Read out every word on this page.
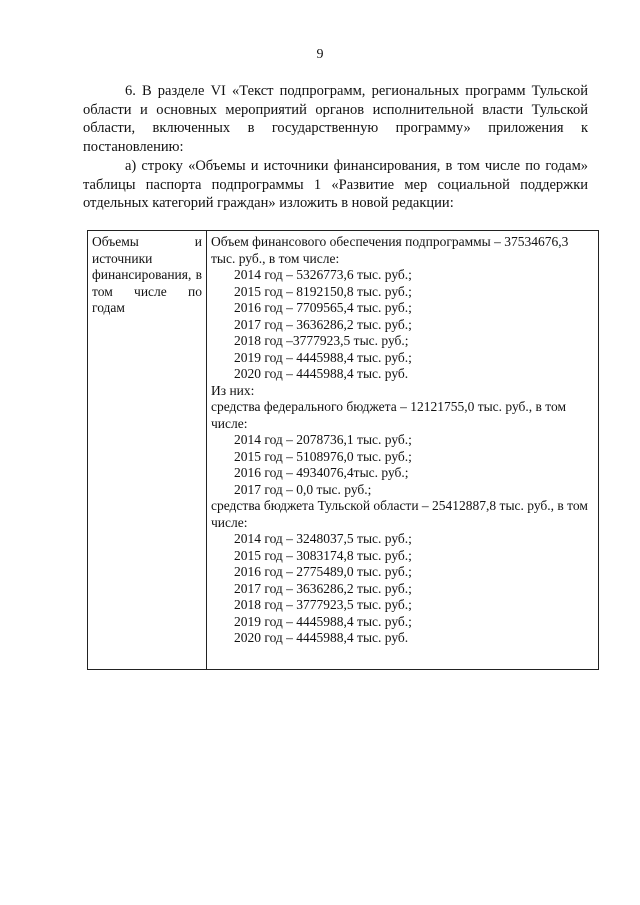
9
6. В разделе VI «Текст подпрограмм, региональных программ Тульской области и основных мероприятий органов исполнительной власти Тульской области, включенных в государственную программу» приложения к постановлению:
а) строку «Объемы и источники финансирования, в том числе по годам» таблицы паспорта подпрограммы 1 «Развитие мер социальной поддержки отдельных категорий граждан» изложить в новой редакции:
Объемы и источники финансирования, в том числе по годам

Объем финансового обеспечения подпрограммы – 37534676,3 тыс. руб., в том числе:
2014 год – 5326773,6 тыс. руб.;
2015 год – 8192150,8 тыс. руб.;
2016 год – 7709565,4 тыс. руб.;
2017 год – 3636286,2 тыс. руб.;
2018 год –3777923,5 тыс. руб.;
2019 год – 4445988,4 тыс. руб.;
2020 год – 4445988,4 тыс. руб.
Из них:
средства федерального бюджета – 12121755,0 тыс. руб., в том числе:
2014 год – 2078736,1 тыс. руб.;
2015 год – 5108976,0 тыс. руб.;
2016 год – 4934076,4тыс. руб.;
2017 год – 0,0 тыс. руб.;
средства бюджета Тульской области – 25412887,8 тыс. руб., в том числе:
2014 год – 3248037,5 тыс. руб.;
2015 год – 3083174,8 тыс. руб.;
2016 год – 2775489,0 тыс. руб.;
2017 год – 3636286,2 тыс. руб.;
2018 год – 3777923,5 тыс. руб.;
2019 год – 4445988,4 тыс. руб.;
2020 год – 4445988,4 тыс. руб.
